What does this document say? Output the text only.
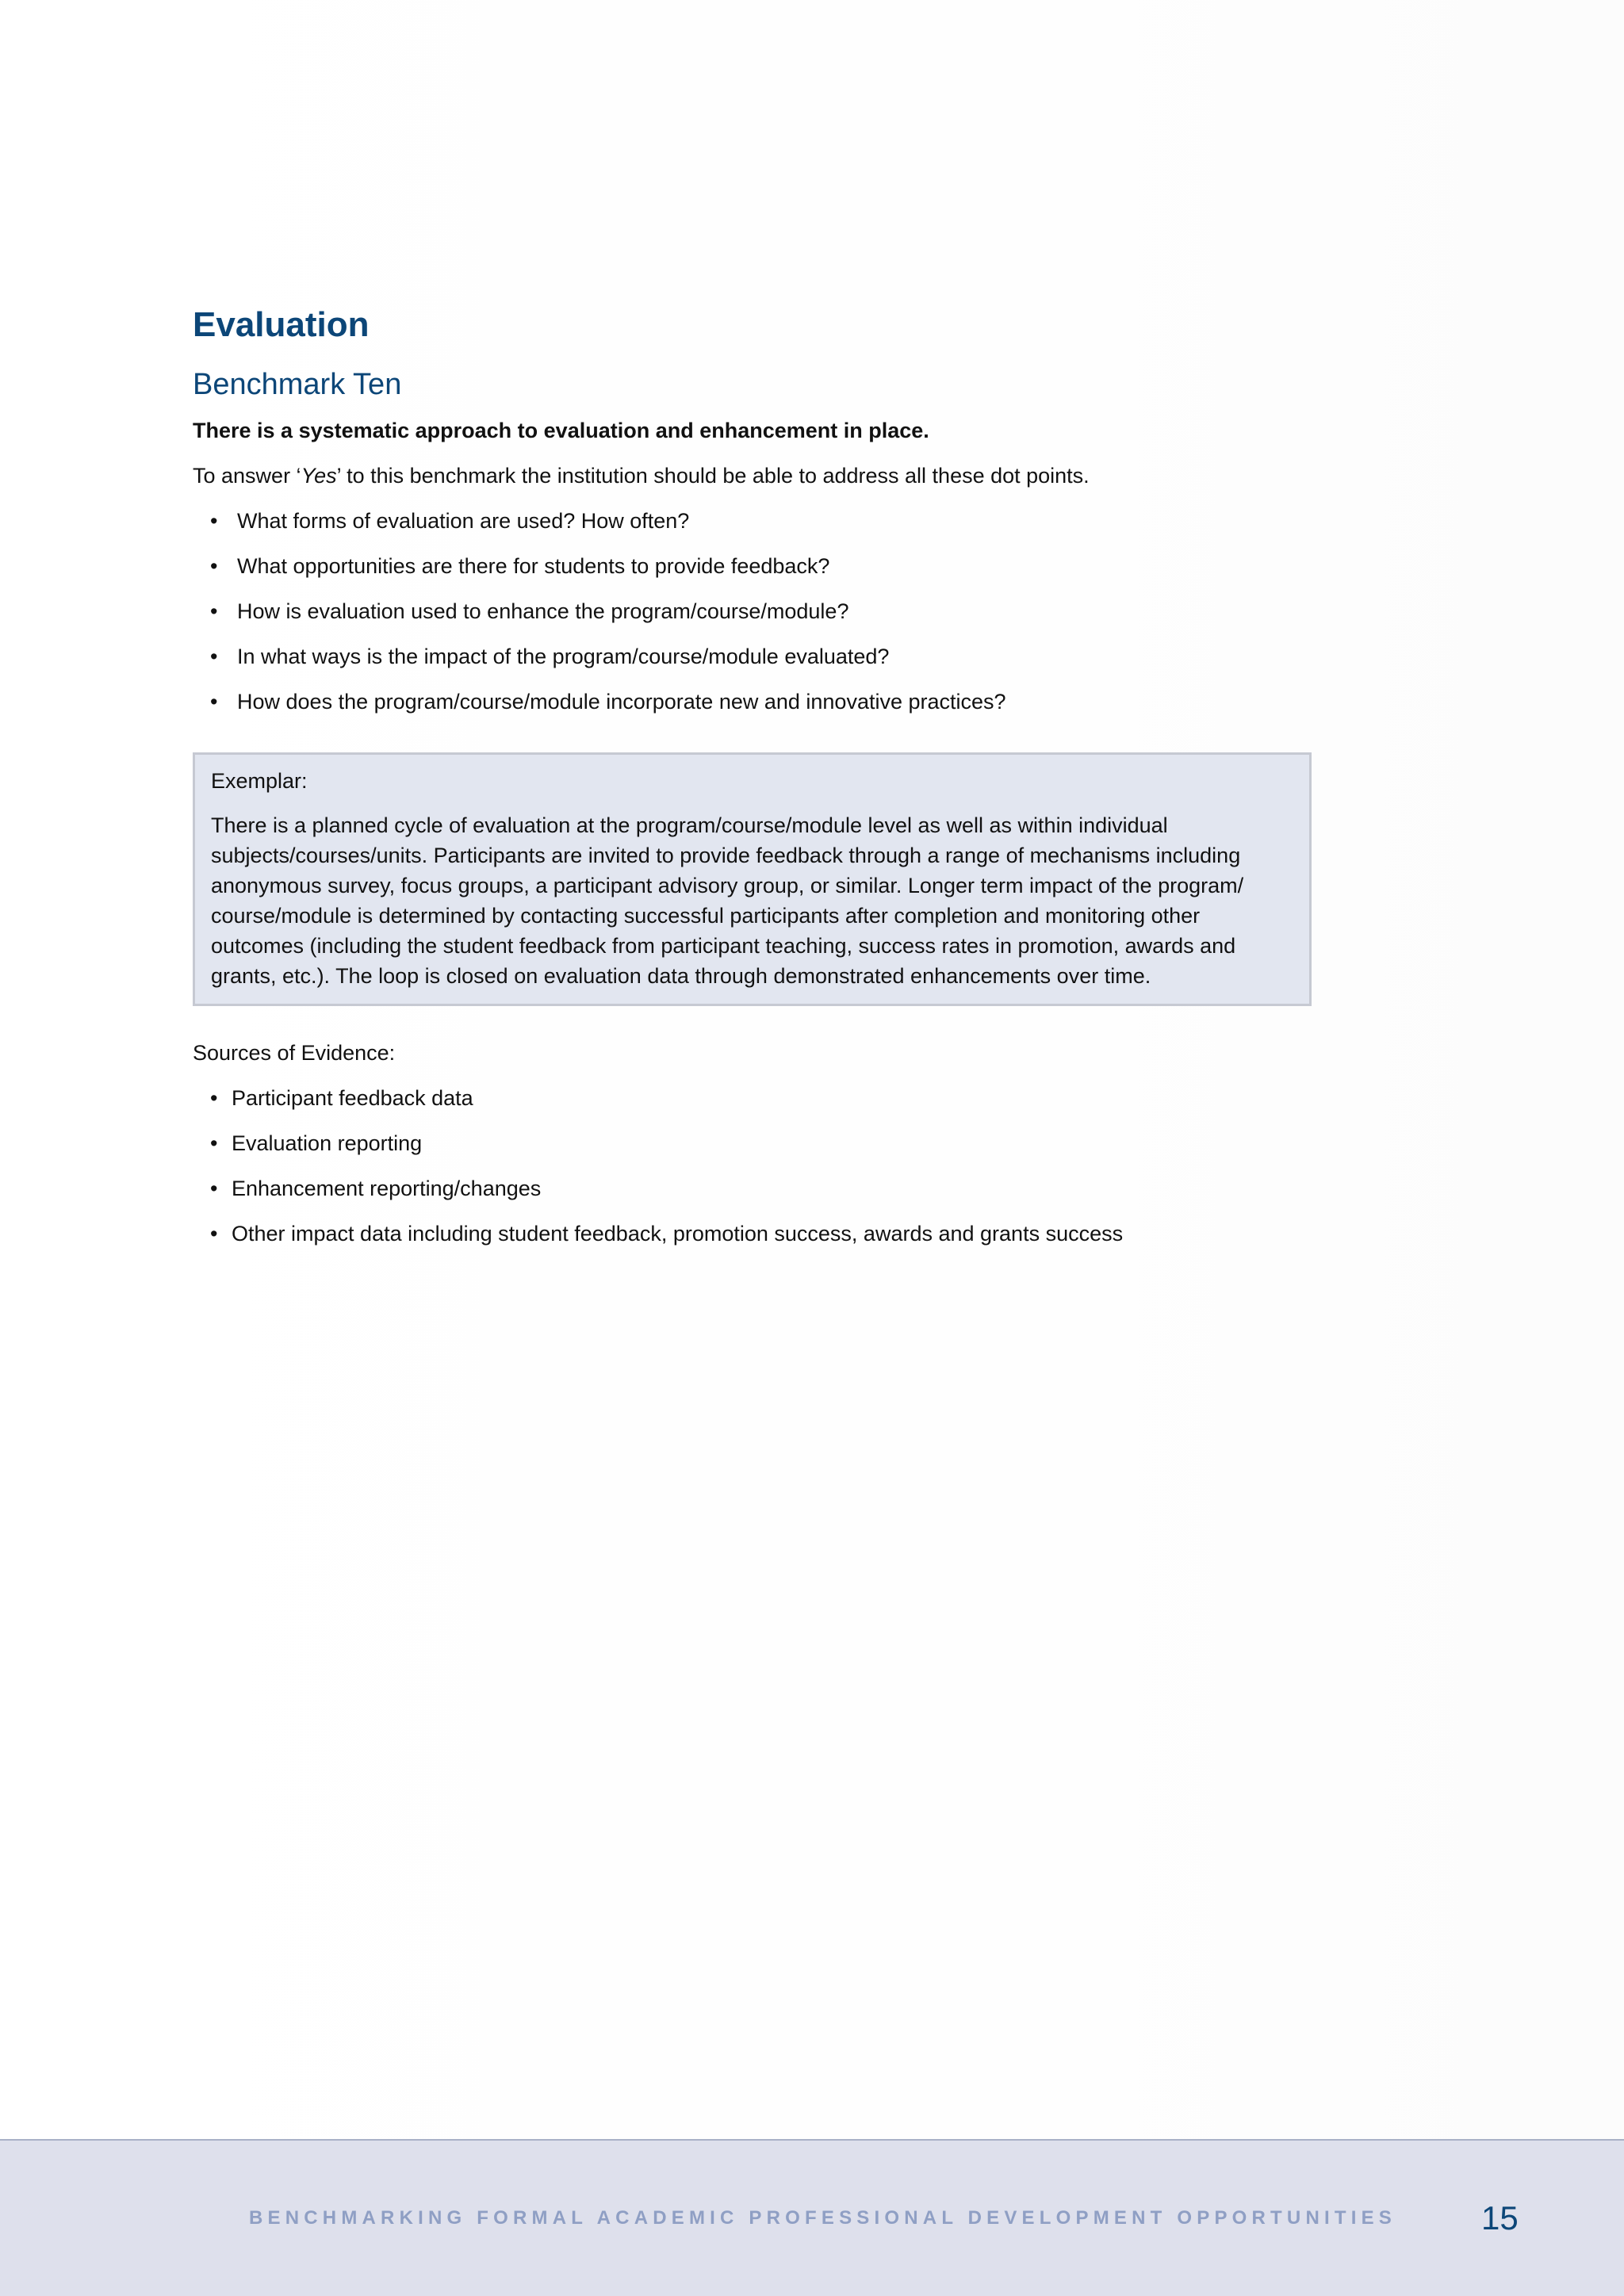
Evaluation
Benchmark Ten

There is a systematic approach to evaluation and enhancement in place.

To answer ‘Yes’ to this benchmark the institution should be able to address all these dot points.

• What forms of evaluation are used? How often?
• What opportunities are there for students to provide feedback?
• How is evaluation used to enhance the program/course/module?
• In what ways is the impact of the program/course/module evaluated?
• How does the program/course/module incorporate new and innovative practices?

Exemplar:

There is a planned cycle of evaluation at the program/course/module level as well as within individual subjects/courses/units. Participants are invited to provide feedback through a range of mechanisms including anonymous survey, focus groups, a participant advisory group, or similar. Longer term impact of the program/ course/module is determined by contacting successful participants after completion and monitoring other outcomes (including the student feedback from participant teaching, success rates in promotion, awards and grants, etc.). The loop is closed on evaluation data through demonstrated enhancements over time.

Sources of Evidence:

• Participant feedback data
• Evaluation reporting
• Enhancement reporting/changes
• Other impact data including student feedback, promotion success, awards and grants success
BENCHMARKING FORMAL ACADEMIC PROFESSIONAL DEVELOPMENT OPPORTUNITIES	15
